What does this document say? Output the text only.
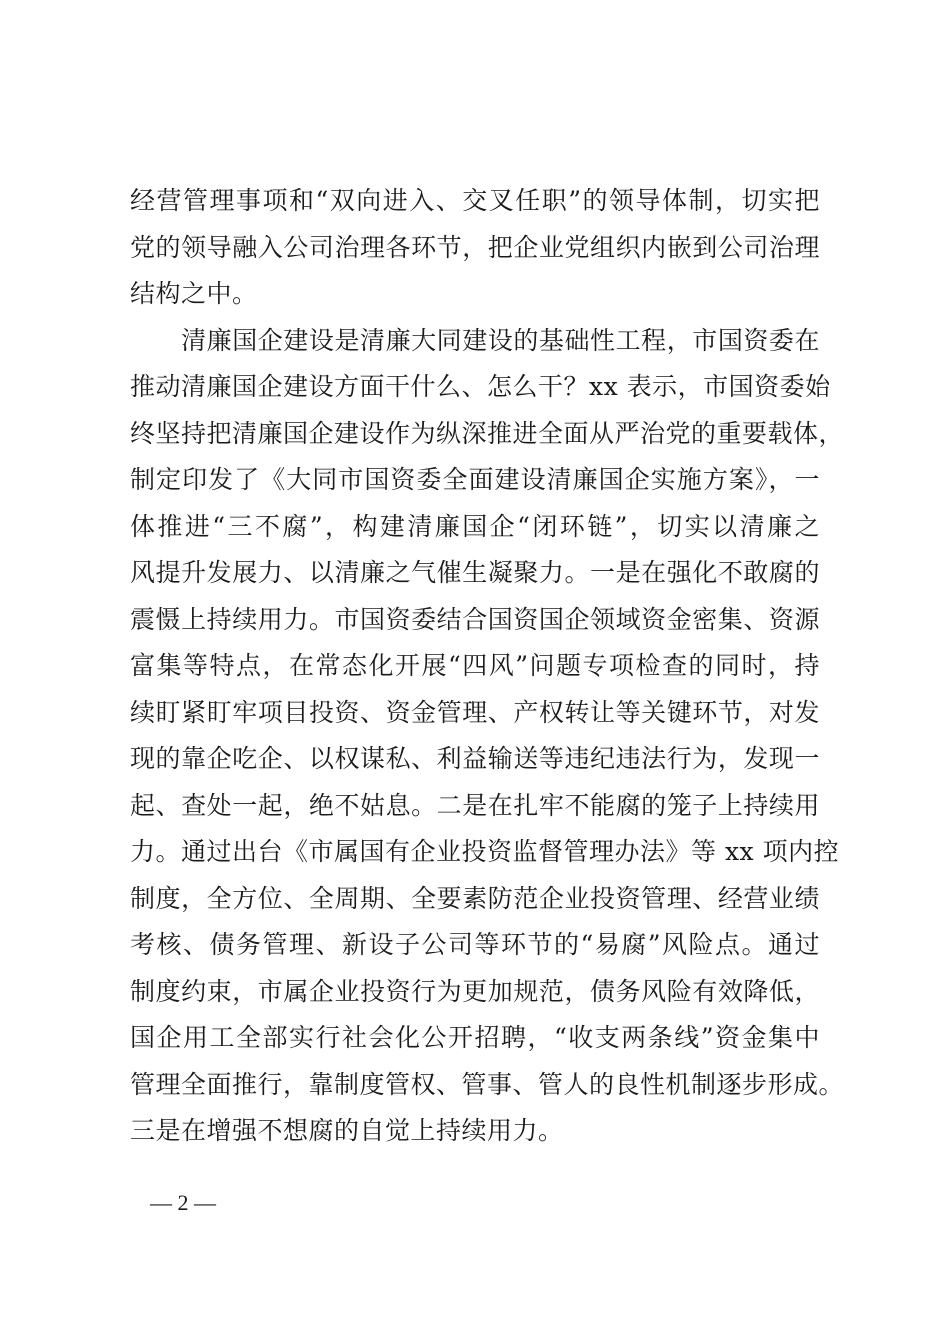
经营管理事项和“双向进入、交叉任职”的领导体制，切实把
党的领导融入公司治理各环节，把企业党组织内嵌到公司治理
结构之中。
　　清廉国企建设是清廉大同建设的基础性工程，市国资委在
推动清廉国企建设方面干什么、怎么干？xx 表示，市国资委始
终坚持把清廉国企建设作为纵深推进全面从严治党的重要载体，
制定印发了《大同市国资委全面建设清廉国企实施方案》，一
体推进“三不腐”，构建清廉国企“闭环链”，切实以清廉之
风提升发展力、以清廉之气催生凝聚力。一是在强化不敢腐的
震慑上持续用力。市国资委结合国资国企领域资金密集、资源
富集等特点，在常态化开展“四风”问题专项检查的同时，持
续盯紧盯牢项目投资、资金管理、产权转让等关键环节，对发
现的靠企吃企、以权谋私、利益输送等违纪违法行为，发现一
起、查处一起，绝不姑息。二是在扎牢不能腐的笼子上持续用
力。通过出台《市属国有企业投资监督管理办法》等 xx 项内控
制度，全方位、全周期、全要素防范企业投资管理、经营业绩
考核、债务管理、新设子公司等环节的“易腐”风险点。通过
制度约束，市属企业投资行为更加规范，债务风险有效降低，
国企用工全部实行社会化公开招聘，“收支两条线”资金集中
管理全面推行，靠制度管权、管事、管人的良性机制逐步形成。
三是在增强不想腐的自觉上持续用力。
— 2 —
